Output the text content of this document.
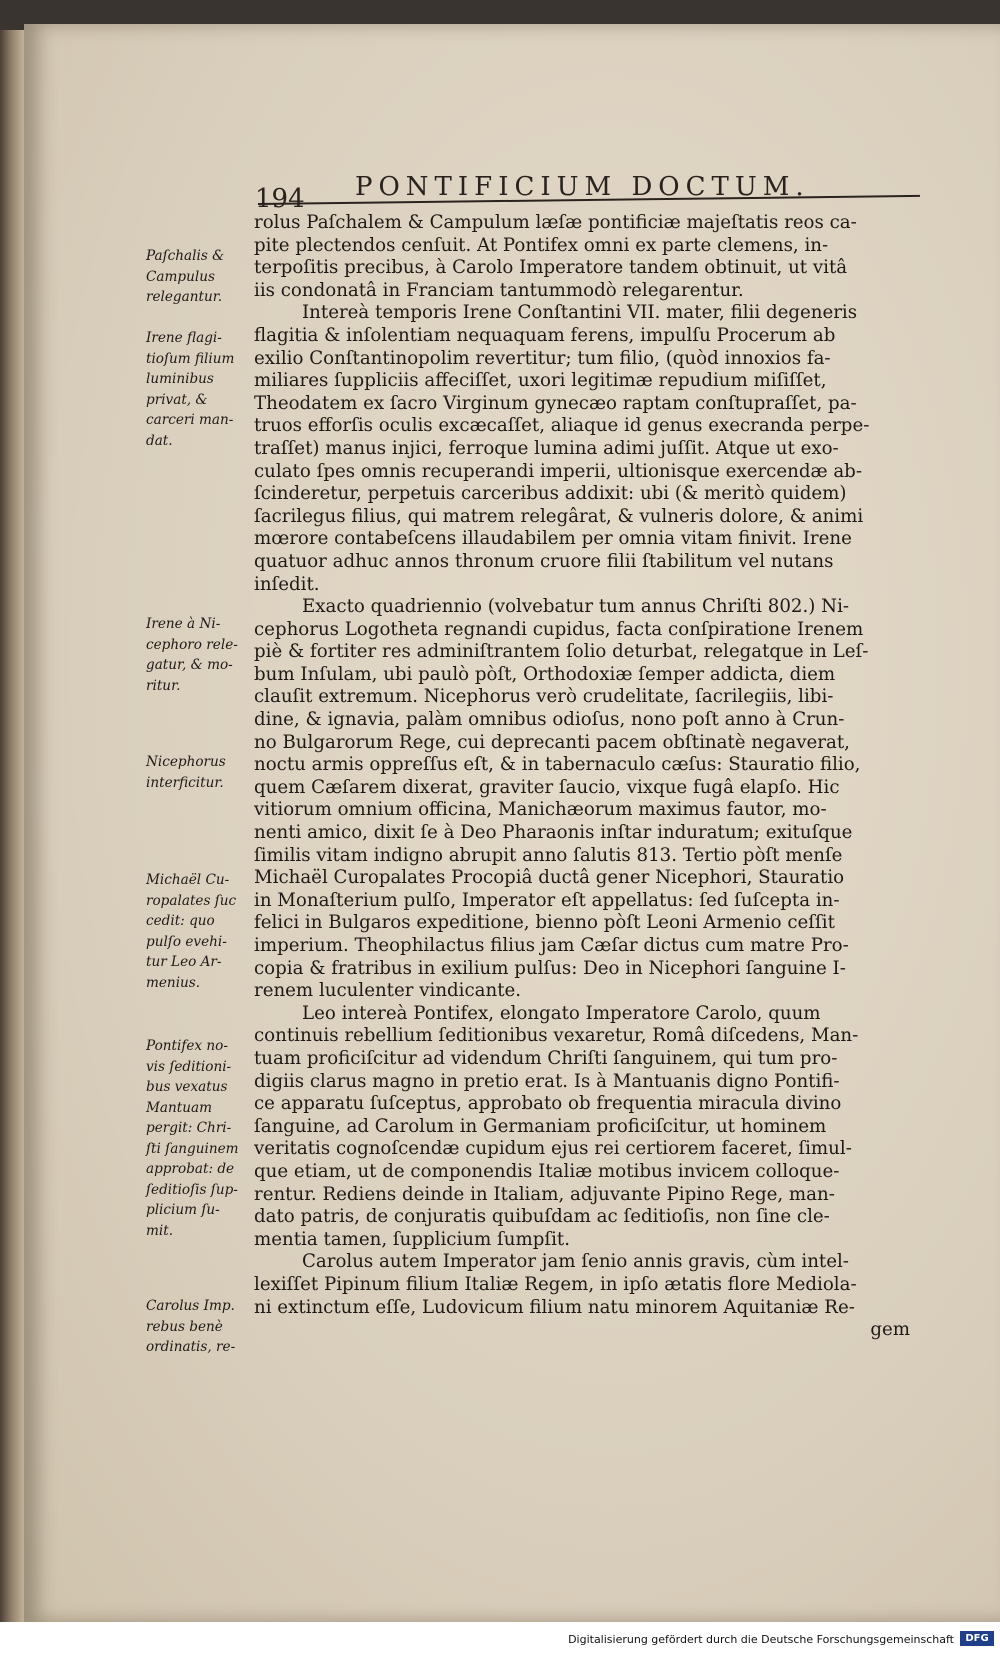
194 PONTIFICIUM DOCTUM.
rolus Paſchalem & Campulum læſæ pontificiæ majeſtatis reos ca-
pite plectendos cenſuit. At Pontifex omni ex parte clemens, in-
terpoſitis precibus, à Carolo Imperatore tandem obtinuit, ut vitâ
iis condonatâ in Franciam tantummodò relegarentur.
Intereà temporis Irene Conſtantini VII. mater, filii degeneris
flagitia & inſolentiam nequaquam ferens, impulſu Procerum ab
exilio Conſtantinopolim revertitur; tum filio, (quòd innoxios fa-
miliares ſuppliciis affeciſſet, uxori legitimæ repudium miſiſſet,
Theodatem ex ſacro Virginum gynecæo raptam conſtupraſſet, pa-
truos efforſis oculis excæcaſſet, aliaque id genus execranda perpe-
traſſet) manus injici, ferroque lumina adimi juſſit. Atque ut exo-
culato ſpes omnis recuperandi imperii, ultionisque exercendæ ab-
ſcinderetur, perpetuis carceribus addixit: ubi (& meritò quidem)
ſacrilegus filius, qui matrem relegârat, & vulneris dolore, & animi
mœrore contabeſcens illaudabilem per omnia vitam finivit. Irene
quatuor adhuc annos thronum cruore filii ſtabilitum vel nutans
inſedit.
Exacto quadriennio (volvebatur tum annus Chriſti 802.) Ni-
cephorus Logotheta regnandi cupidus, facta conſpiratione Irenem
piè & fortiter res adminiſtrantem ſolio deturbat, relegatque in Leſ-
bum Inſulam, ubi paulò pòſt, Orthodoxiæ ſemper addicta, diem
clauſit extremum. Nicephorus verò crudelitate, ſacrilegiis, libi-
dine, & ignavia, palàm omnibus odioſus, nono poſt anno à Crun-
no Bulgarorum Rege, cui deprecanti pacem obſtinatè negaverat,
noctu armis oppreſſus eſt, & in tabernaculo cæſus: Stauratio filio,
quem Cæſarem dixerat, graviter ſaucio, vixque fugâ elapſo. Hic
vitiorum omnium officina, Manichæorum maximus fautor, mo-
nenti amico, dixit ſe à Deo Pharaonis inſtar induratum; exituſque
ſimilis vitam indigno abrupit anno ſalutis 813. Tertio pòſt menſe
Michaël Curopalates Procopiâ ductâ gener Nicephori, Stauratio
in Monaſterium pulſo, Imperator eſt appellatus: ſed ſuſcepta in-
felici in Bulgaros expeditione, bienno pòſt Leoni Armenio ceſſit
imperium. Theophilactus filius jam Cæſar dictus cum matre Pro-
copia & fratribus in exilium pulſus: Deo in Nicephori ſanguine I-
renem luculenter vindicante.
Leo intereà Pontifex, elongato Imperatore Carolo, quum
continuis rebellium ſeditionibus vexaretur, Româ diſcedens, Man-
tuam proficiſcitur ad videndum Chriſti ſanguinem, qui tum pro-
digiis clarus magno in pretio erat. Is à Mantuanis digno Pontifi-
ce apparatu ſuſceptus, approbato ob frequentia miracula divino
ſanguine, ad Carolum in Germaniam proficiſcitur, ut hominem
veritatis cognoſcendæ cupidum ejus rei certiorem faceret, ſimul-
que etiam, ut de componendis Italiæ motibus invicem colloque-
rentur. Rediens deinde in Italiam, adjuvante Pipino Rege, man-
dato patris, de conjuratis quibuſdam ac ſeditioſis, non ſine cle-
mentia tamen, ſupplicium ſumpſit.
Carolus autem Imperator jam ſenio annis gravis, cùm intel-
lexiſſet Pipinum filium Italiæ Regem, in ipſo ætatis flore Mediola-
ni extinctum eſſe, Ludovicum filium natu minorem Aquitaniæ Re-
gem
Paſchalis &
Campulus
relegantur.
Irene flagi-
tioſum filium
luminibus
privat, &
carceri man-
dat.
Irene à Ni-
cephoro rele-
gatur, & mo-
ritur.
Nicephorus
interficitur.
Michaël Cu-
ropalates ſuc
cedit: quo
pulſo evehi-
tur Leo Ar-
menius.
Pontifex no-
vis ſeditioni-
bus vexatus
Mantuam
pergit: Chri-
ſti ſanguinem
approbat: de
ſeditioſis ſup-
plicium ſu-
mit.
Carolus Imp.
rebus benè
ordinatis, re-
Digitalisierung gefördert durch die Deutsche Forschungsgemeinschaft	DFG
